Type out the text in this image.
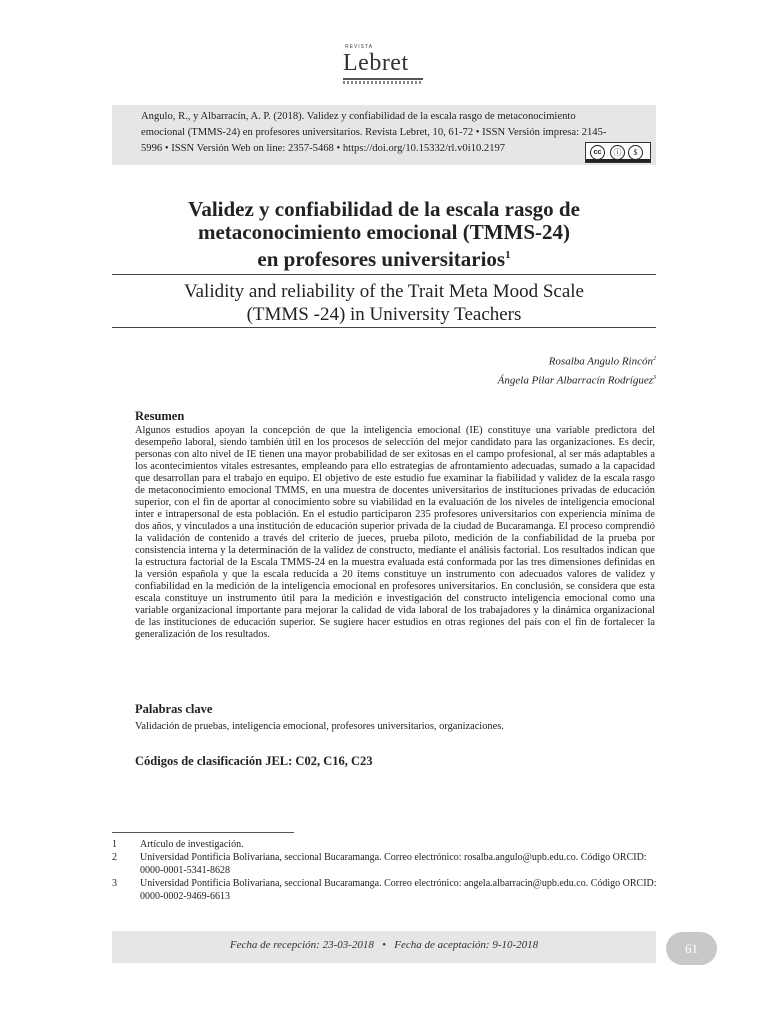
REVISTA
Lebret
Angulo, R., y Albarracín, A. P. (2018). Validez y confiabilidad de la escala rasgo de metaconocimiento emocional (TMMS-24) en profesores universitarios. Revista Lebret, 10, 61-72 • ISSN Versión impresa: 2145-5996 • ISSN Versión Web on line: 2357-5468 • https://doi.org/10.15332/rl.v0i10.2197	cc	ⓘ	$
Validez y confiabilidad de la escala rasgo de
metaconocimiento emocional (TMMS-24)
en profesores universitarios$^1$
Validity and reliability of the Trait Meta Mood Scale
(TMMS -24) in University Teachers
Rosalba Angulo Rincón$^2$
Ángela Pilar Albarracín Rodríguez$^3$
Resumen
Algunos estudios apoyan la concepción de que la inteligencia emocional (IE) constituye una variable predictora del desempeño laboral, siendo también útil en los procesos de selección del mejor candidato para las organizaciones. Es decir, personas con alto nivel de IE tienen una mayor probabilidad de ser exitosas en el campo profesional, al ser más adaptables a los acontecimientos vitales estresantes, empleando para ello estrategias de afrontamiento adecuadas, sumado a la capacidad que desarrollan para el trabajo en equipo. El objetivo de este estudio fue examinar la fiabilidad y validez de la escala rasgo de metaconocimiento emocional TMMS, en una muestra de docentes universitarios de instituciones privadas de educación superior, con el fin de aportar al conocimiento sobre su viabilidad en la evaluación de los niveles de inteligencia emocional inter e intrapersonal de esta población. En el estudio participaron 235 profesores universitarios con experiencia mínima de dos años, y vinculados a una institución de educación superior privada de la ciudad de Bucaramanga. El proceso comprendió la validación de contenido a través del criterio de jueces, prueba piloto, medición de la confiabilidad de la prueba por consistencia interna y la determinación de la validez de constructo, mediante el análisis factorial. Los resultados indican que la estructura factorial de la Escala TMMS-24 en la muestra evaluada está conformada por las tres dimensiones definidas en la versión española y que la escala reducida a 20 ítems constituye un instrumento con adecuados valores de validez y confiabilidad en la medición de la inteligencia emocional en profesores universitarios. En conclusión, se considera que esta escala constituye un instrumento útil para la medición e investigación del constructo inteligencia emocional como una variable organizacional importante para mejorar la calidad de vida laboral de los trabajadores y la dinámica organizacional de las instituciones de educación superior. Se sugiere hacer estudios en otras regiones del país con el fin de fortalecer la generalización de los resultados.
Palabras clave
Validación de pruebas, inteligencia emocional, profesores universitarios, organizaciones.
Códigos de clasificación JEL: C02, C16, C23
1 Artículo de investigación.
2 Universidad Pontificia Bolivariana, seccional Bucaramanga. Correo electrónico: rosalba.angulo@upb.edu.co. Código ORCID: 0000-0001-5341-8628
3 Universidad Pontificia Bolivariana, seccional Bucaramanga. Correo electrónico: angela.albarracin@upb.edu.co. Código ORCID: 0000-0002-9469-6613
Fecha de recepción: 23-03-2018   •   Fecha de aceptación: 9-10-2018	61
